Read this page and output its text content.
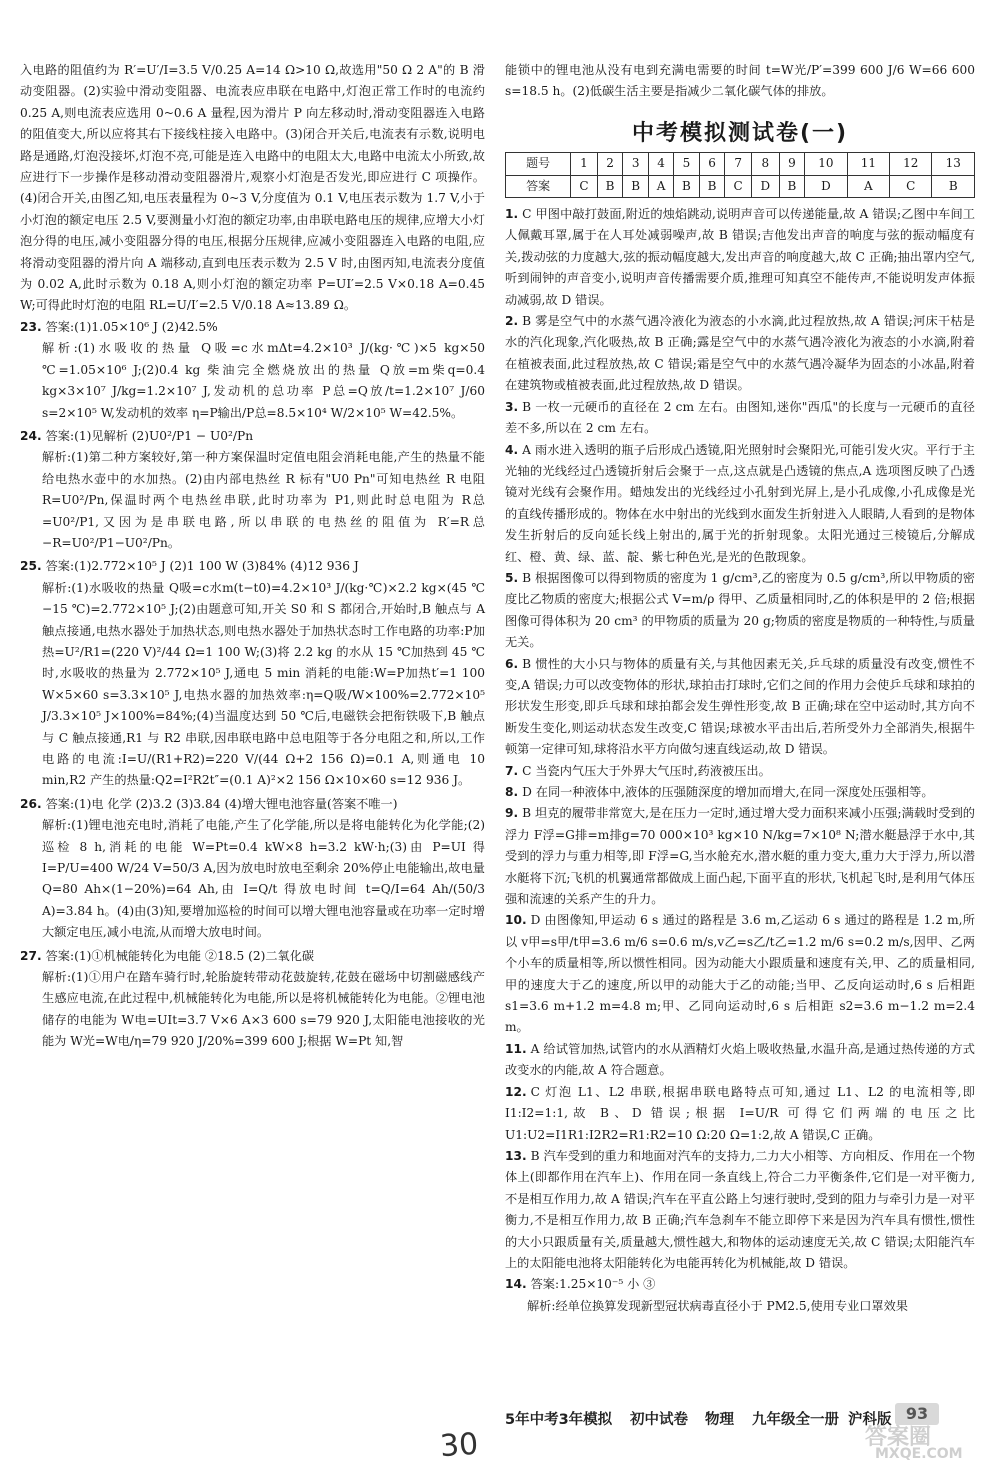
入电路的阻值约为 R′=U′/I=3.5 V/0.25 A=14 Ω>10 Ω,故选用"50 Ω 2 A"的 B 滑动变阻器。(2)实验中滑动变阻器、电流表应串联在电路中,灯泡正常工作时的电流约 0.25 A,则电流表应选用 0~0.6 A 量程,因为滑片 P 向左移动时,滑动变阻器连入电路的阻值变大,所以应将其右下接线柱接入电路中。(3)闭合开关后,电流表有示数,说明电路是通路,灯泡没接坏,灯泡不亮,可能是连入电路中的电阻太大,电路中电流太小所致,故应进行下一步操作是移动滑动变阻器滑片,观察小灯泡是否发光,即应进行 C 项操作。(4)闭合开关,由图乙知,电压表量程为 0~3 V,分度值为 0.1 V,电压表示数为 1.7 V,小于小灯泡的额定电压 2.5 V,要测量小灯泡的额定功率,由串联电路电压的规律,应增大小灯泡分得的电压,减小变阻器分得的电压,根据分压规律,应减小变阻器连入电路的电阻,应将滑动变阻器的滑片向 A 端移动,直到电压表示数为 2.5 V 时,由图丙知,电流表分度值为 0.02 A,此时示数为 0.18 A,则小灯泡的额定功率 P=UI′=2.5 V×0.18 A=0.45 W;可得此时灯泡的电阻 RL=U/I′=2.5 V/0.18 A≈13.89 Ω。

23. 答案:(1)1.05×10⁶ J (2)42.5%

解析:(1)水吸收的热量 Q吸=c水mΔt=4.2×10³ J/(kg·℃)×5 kg×50 ℃=1.05×10⁶ J;(2)0.4 kg 柴油完全燃烧放出的热量 Q放=m柴q=0.4 kg×3×10⁷ J/kg=1.2×10⁷ J,发动机的总功率 P总=Q放/t=1.2×10⁷ J/60 s=2×10⁵ W,发动机的效率 η=P输出/P总=8.5×10⁴ W/2×10⁵ W=42.5%。

24. 答案:(1)见解析 (2)U0²/P1 − U0²/Pn

解析:(1)第二种方案较好,第一种方案保温时定值电阻会消耗电能,产生的热量不能给电热水壶中的水加热。(2)由内部电热丝 R 标有"U0 Pn"可知电热丝 R 电阻 R=U0²/Pn,保温时两个电热丝串联,此时功率为 P1,则此时总电阻为 R总=U0²/P1,又因为是串联电路,所以串联的电热丝的阻值为 R′=R总−R=U0²/P1−U0²/Pn。

25. 答案:(1)2.772×10⁵ J (2)1 100 W (3)84% (4)12 936 J

解析:(1)水吸收的热量 Q吸=c水m(t−t0)=4.2×10³ J/(kg·℃)×2.2 kg×(45 ℃−15 ℃)=2.772×10⁵ J;(2)由题意可知,开关 S0 和 S 都闭合,开始时,B 触点与 A 触点接通,电热水器处于加热状态,则电热水器处于加热状态时工作电路的功率:P加热=U²/R1=(220 V)²/44 Ω=1 100 W;(3)将 2.2 kg 的水从 15 ℃加热到 45 ℃时,水吸收的热量为 2.772×10⁵ J,通电 5 min 消耗的电能:W=P加热t′=1 100 W×5×60 s=3.3×10⁵ J,电热水器的加热效率:η=Q吸/W×100%=2.772×10⁵ J/3.3×10⁵ J×100%=84%;(4)当温度达到 50 ℃后,电磁铁会把衔铁吸下,B 触点与 C 触点接通,R1 与 R2 串联,因串联电路中总电阻等于各分电阻之和,所以,工作电路的电流:I=U/(R1+R2)=220 V/(44 Ω+2 156 Ω)=0.1 A,则通电 10 min,R2 产生的热量:Q2=I²R2t″=(0.1 A)²×2 156 Ω×10×60 s=12 936 J。

26. 答案:(1)电 化学 (2)3.2 (3)3.84 (4)增大锂电池容量(答案不唯一)

解析:(1)锂电池充电时,消耗了电能,产生了化学能,所以是将电能转化为化学能;(2)巡检 8 h,消耗的电能 W=Pt=0.4 kW×8 h=3.2 kW·h;(3)由 P=UI 得 I=P/U=400 W/24 V=50/3 A,因为放电时放电至剩余 20%停止电能输出,故电量 Q=80 Ah×(1−20%)=64 Ah,由 I=Q/t 得放电时间 t=Q/I=64 Ah/(50/3 A)=3.84 h。(4)由(3)知,要增加巡检的时间可以增大锂电池容量或在功率一定时增大额定电压,减小电流,从而增大放电时间。

27. 答案:(1)①机械能转化为电能 ②18.5 (2)二氧化碳

解析:(1)①用户在踏车骑行时,轮胎旋转带动花鼓旋转,花鼓在磁场中切割磁感线产生感应电流,在此过程中,机械能转化为电能,所以是将机械能转化为电能。②锂电池储存的电能为 W电=UIt=3.7 V×6 A×3 600 s=79 920 J,太阳能电池接收的光能为 W光=W电/η=79 920 J/20%=399 600 J;根据 W=Pt 知,智

能锁中的锂电池从没有电到充满电需要的时间 t=W光/P′=399 600 J/6 W=66 600 s=18.5 h。(2)低碳生活主要是指减少二氧化碳气体的排放。

中考模拟测试卷(一)
题号	1	2	3	4	5	6	7	8	9	10	11	12	13
答案	C	B	B	A	B	B	C	D	B	D	A	C	B

1. C 甲图中敲打鼓面,附近的烛焰跳动,说明声音可以传递能量,故 A 错误;乙图中车间工人佩戴耳罩,属于在人耳处减弱噪声,故 B 错误;吉他发出声音的响度与弦的振动幅度有关,拨动弦的力度越大,弦的振动幅度越大,发出声音的响度越大,故 C 正确;抽出罩内空气,听到闹钟的声音变小,说明声音传播需要介质,推理可知真空不能传声,不能说明发声体振动减弱,故 D 错误。

2. B 雾是空气中的水蒸气遇冷液化为液态的小水滴,此过程放热,故 A 错误;河床干枯是水的汽化现象,汽化吸热,故 B 正确;露是空气中的水蒸气遇冷液化为液态的小水滴,附着在植被表面,此过程放热,故 C 错误;霜是空气中的水蒸气遇冷凝华为固态的小冰晶,附着在建筑物或植被表面,此过程放热,故 D 错误。

3. B 一枚一元硬币的直径在 2 cm 左右。由图知,迷你"西瓜"的长度与一元硬币的直径差不多,所以在 2 cm 左右。

4. A 雨水进入透明的瓶子后形成凸透镜,阳光照射时会聚阳光,可能引发火灾。平行于主光轴的光线经过凸透镜折射后会聚于一点,这点就是凸透镜的焦点,A 选项图反映了凸透镜对光线有会聚作用。蜡烛发出的光线经过小孔射到光屏上,是小孔成像,小孔成像是光的直线传播形成的。物体在水中射出的光线到水面发生折射进入人眼睛,人看到的是物体发生折射后的反向延长线上射出的,属于光的折射现象。太阳光通过三棱镜后,分解成红、橙、黄、绿、蓝、靛、紫七种色光,是光的色散现象。

5. B 根据图像可以得到物质的密度为 1 g/cm³,乙的密度为 0.5 g/cm³,所以甲物质的密度比乙物质的密度大;根据公式 V=m/ρ 得甲、乙质量相同时,乙的体积是甲的 2 倍;根据图像可得体积为 20 cm³ 的甲物质的质量为 20 g;物质的密度是物质的一种特性,与质量无关。

6. B 惯性的大小只与物体的质量有关,与其他因素无关,乒乓球的质量没有改变,惯性不变,A 错误;力可以改变物体的形状,球拍击打球时,它们之间的作用力会使乒乓球和球拍的形状发生形变,即乒乓球和球拍都会发生弹性形变,故 B 正确;球在空中运动时,其方向不断发生变化,则运动状态发生改变,C 错误;球被水平击出后,若所受外力全部消失,根据牛顿第一定律可知,球将沿水平方向做匀速直线运动,故 D 错误。

7. C 当瓷内气压大于外界大气压时,药液被压出。

8. D 在同一种液体中,液体的压强随深度的增加而增大,在同一深度处压强相等。

9. B 坦克的履带非常宽大,是在压力一定时,通过增大受力面积来减小压强;满载时受到的浮力 F浮=G排=m排g=70 000×10³ kg×10 N/kg=7×10⁸ N;潜水艇悬浮于水中,其受到的浮力与重力相等,即 F浮=G,当水舱充水,潜水艇的重力变大,重力大于浮力,所以潜水艇将下沉;飞机的机翼通常都做成上面凸起,下面平直的形状,飞机起飞时,是利用气体压强和流速的关系产生的升力。

10. D 由图像知,甲运动 6 s 通过的路程是 3.6 m,乙运动 6 s 通过的路程是 1.2 m,所以 v甲=s甲/t甲=3.6 m/6 s=0.6 m/s,v乙=s乙/t乙=1.2 m/6 s=0.2 m/s,因甲、乙两个小车的质量相等,所以惯性相同。因为动能大小跟质量和速度有关,甲、乙的质量相同,甲的速度大于乙的速度,所以甲的动能大于乙的动能;当甲、乙反向运动时,6 s 后相距 s1=3.6 m+1.2 m=4.8 m;甲、乙同向运动时,6 s 后相距 s2=3.6 m−1.2 m=2.4 m。

11. A 给试管加热,试管内的水从酒精灯火焰上吸收热量,水温升高,是通过热传递的方式改变水的内能,故 A 符合题意。

12. C 灯泡 L1、L2 串联,根据串联电路特点可知,通过 L1、L2 的电流相等,即 I1:I2=1:1,故 B、D 错误;根据 I=U/R 可得它们两端的电压之比 U1:U2=I1R1:I2R2=R1:R2=10 Ω:20 Ω=1:2,故 A 错误,C 正确。

13. B 汽车受到的重力和地面对汽车的支持力,二力大小相等、方向相反、作用在一个物体上(即都作用在汽车上)、作用在同一条直线上,符合二力平衡条件,它们是一对平衡力,不是相互作用力,故 A 错误;汽车在平直公路上匀速行驶时,受到的阻力与牵引力是一对平衡力,不是相互作用力,故 B 正确;汽车急刹车不能立即停下来是因为汽车具有惯性,惯性的大小只跟质量有关,质量越大,惯性越大,和物体的运动速度无关,故 C 错误;太阳能汽车上的太阳能电池将太阳能转化为电能再转化为机械能,故 D 错误。

14. 答案:1.25×10⁻⁵ 小 ③

解析:经单位换算发现新型冠状病毒直径小于 PM2.5,使用专业口罩效果

5年中考3年模拟 初中试卷 物理 九年级全一册 沪科版 93
30	答案圈
MXQE.COM
